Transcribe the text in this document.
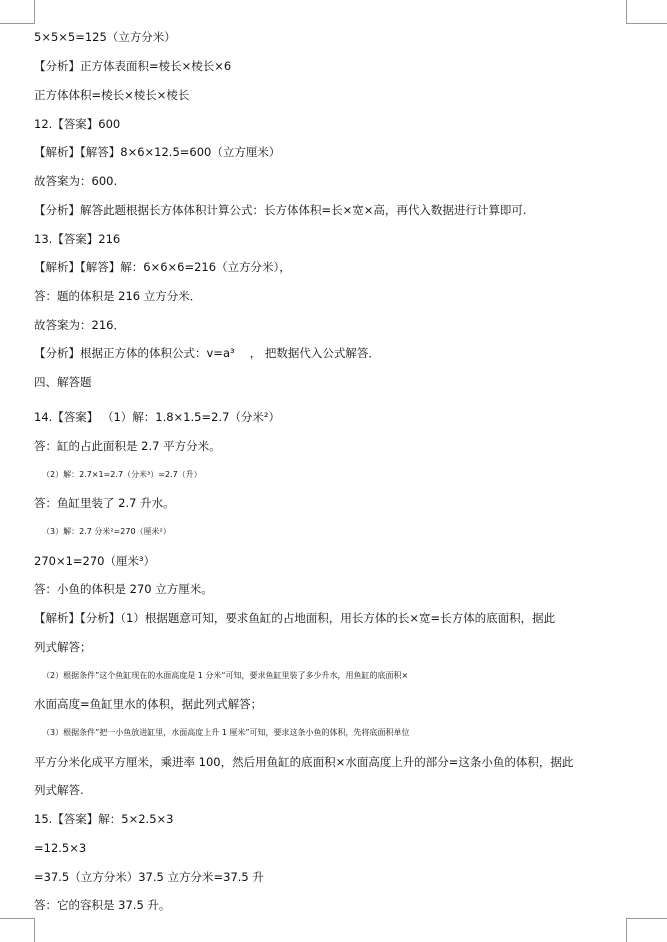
5×5×5=125（立方分米）
【分析】正方体表面积=棱长×棱长×6
正方体体积=棱长×棱长×棱长
12.【答案】600
【解析】【解答】8×6×12.5=600（立方厘米）
故答案为：600.
【分析】解答此题根据长方体体积计算公式：长方体体积=长×宽×高，再代入数据进行计算即可.
13.【答案】216
【解析】【解答】解：6×6×6=216（立方分米），
答：题的体积是 216 立方分米．
故答案为：216．
【分析】根据正方体的体积公式：v=a³　 ， 把数据代入公式解答．
四、解答题
14.【答案】 （1）解：1.8×1.5=2.7（分米²）
答：缸的占此面积是 2.7 平方分米。
（2）解：2.7×1=2.7（分米³）=2.7（升）
答：鱼缸里装了 2.7 升水。
（3）解：2.7 分米²=270（厘米²）
270×1=270（厘米³）
答：小鱼的体积是 270 立方厘米。
【解析】【分析】（1）根据题意可知，要求鱼缸的占地面积，用长方体的长×宽=长方体的底面积，据此
列式解答；
（2）根据条件”这个鱼缸现在的水面高度是 1 分米“可知，要求鱼缸里装了多少升水，用鱼缸的底面积×
水面高度=鱼缸里水的体积，据此列式解答；
（3）根据条件”把一小鱼放进缸里，水面高度上升 1 厘米”可知，要求这条小鱼的体积，先将底面积单位
平方分米化成平方厘米，乘进率 100，然后用鱼缸的底面积×水面高度上升的部分=这条小鱼的体积，据此
列式解答.
15.【答案】解：5×2.5×3
=12.5×3
=37.5（立方分米）37.5 立方分米=37.5 升
答：它的容积是 37.5 升。
